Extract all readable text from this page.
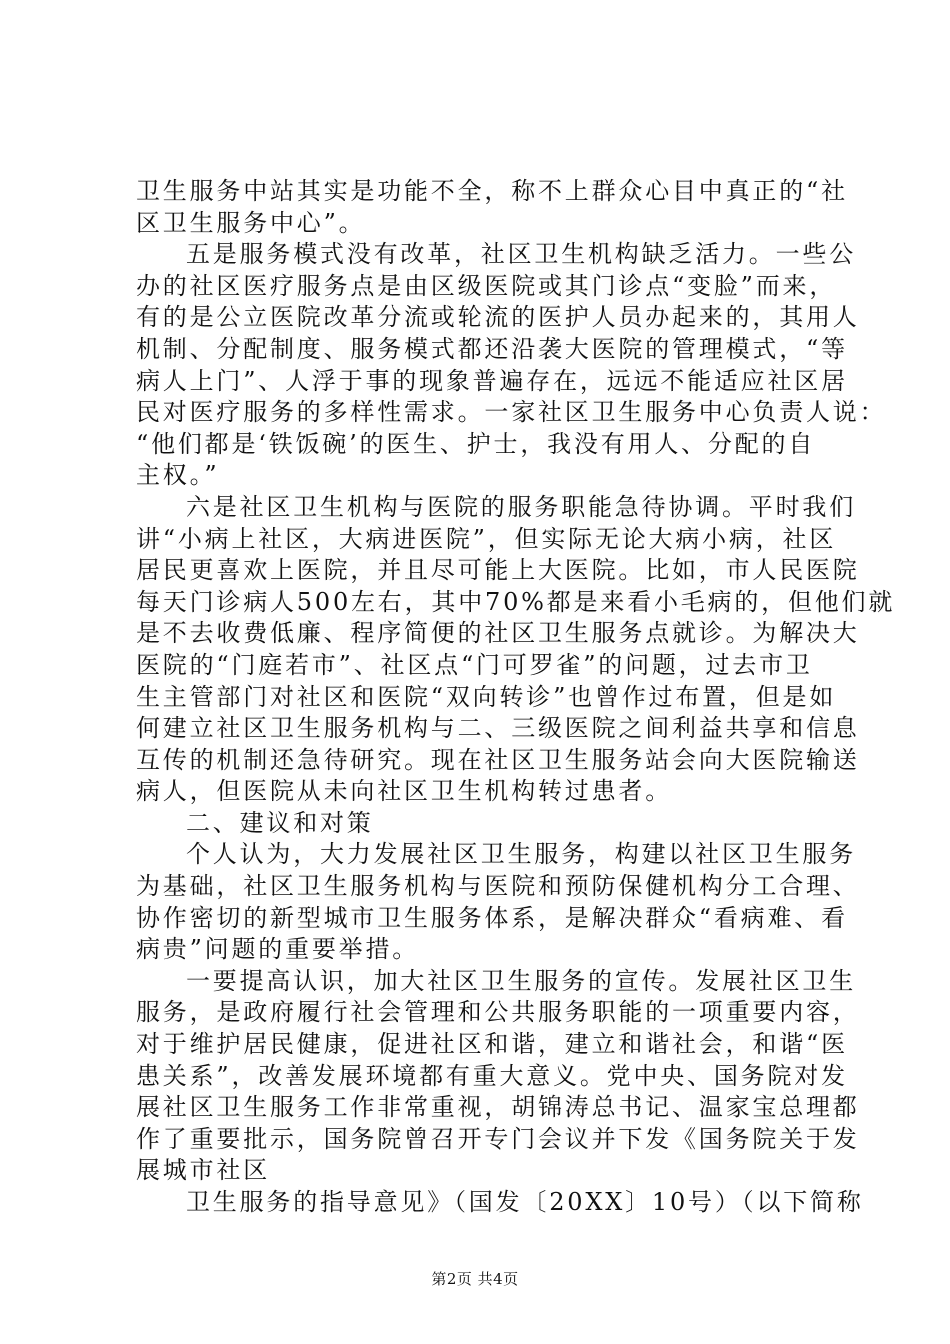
卫生服务中站其实是功能不全，称不上群众心目中真正的“社
区卫生服务中心”。
五是服务模式没有改革，社区卫生机构缺乏活力。一些公
办的社区医疗服务点是由区级医院或其门诊点“变脸”而来，
有的是公立医院改革分流或轮流的医护人员办起来的，其用人
机制、分配制度、服务模式都还沿袭大医院的管理模式，“等
病人上门”、人浮于事的现象普遍存在，远远不能适应社区居
民对医疗服务的多样性需求。一家社区卫生服务中心负责人说：
“他们都是‘铁饭碗’的医生、护士，我没有用人、分配的自
主权。”
六是社区卫生机构与医院的服务职能急待协调。平时我们
讲“小病上社区，大病进医院”，但实际无论大病小病，社区
居民更喜欢上医院，并且尽可能上大医院。比如，市人民医院
每天门诊病人500左右，其中70%都是来看小毛病的，但他们就
是不去收费低廉、程序简便的社区卫生服务点就诊。为解决大
医院的“门庭若市”、社区点“门可罗雀”的问题，过去市卫
生主管部门对社区和医院“双向转诊”也曾作过布置，但是如
何建立社区卫生服务机构与二、三级医院之间利益共享和信息
互传的机制还急待研究。现在社区卫生服务站会向大医院输送
病人，但医院从未向社区卫生机构转过患者。
二、建议和对策
个人认为，大力发展社区卫生服务，构建以社区卫生服务
为基础，社区卫生服务机构与医院和预防保健机构分工合理、
协作密切的新型城市卫生服务体系，是解决群众“看病难、看
病贵”问题的重要举措。
一要提高认识，加大社区卫生服务的宣传。发展社区卫生
服务，是政府履行社会管理和公共服务职能的一项重要内容，
对于维护居民健康，促进社区和谐，建立和谐社会，和谐“医
患关系”，改善发展环境都有重大意义。党中央、国务院对发
展社区卫生服务工作非常重视，胡锦涛总书记、温家宝总理都
作了重要批示，国务院曾召开专门会议并下发《国务院关于发
展城市社区
卫生服务的指导意见》（国发〔20XX〕10号）（以下简称
第2页 共4页
